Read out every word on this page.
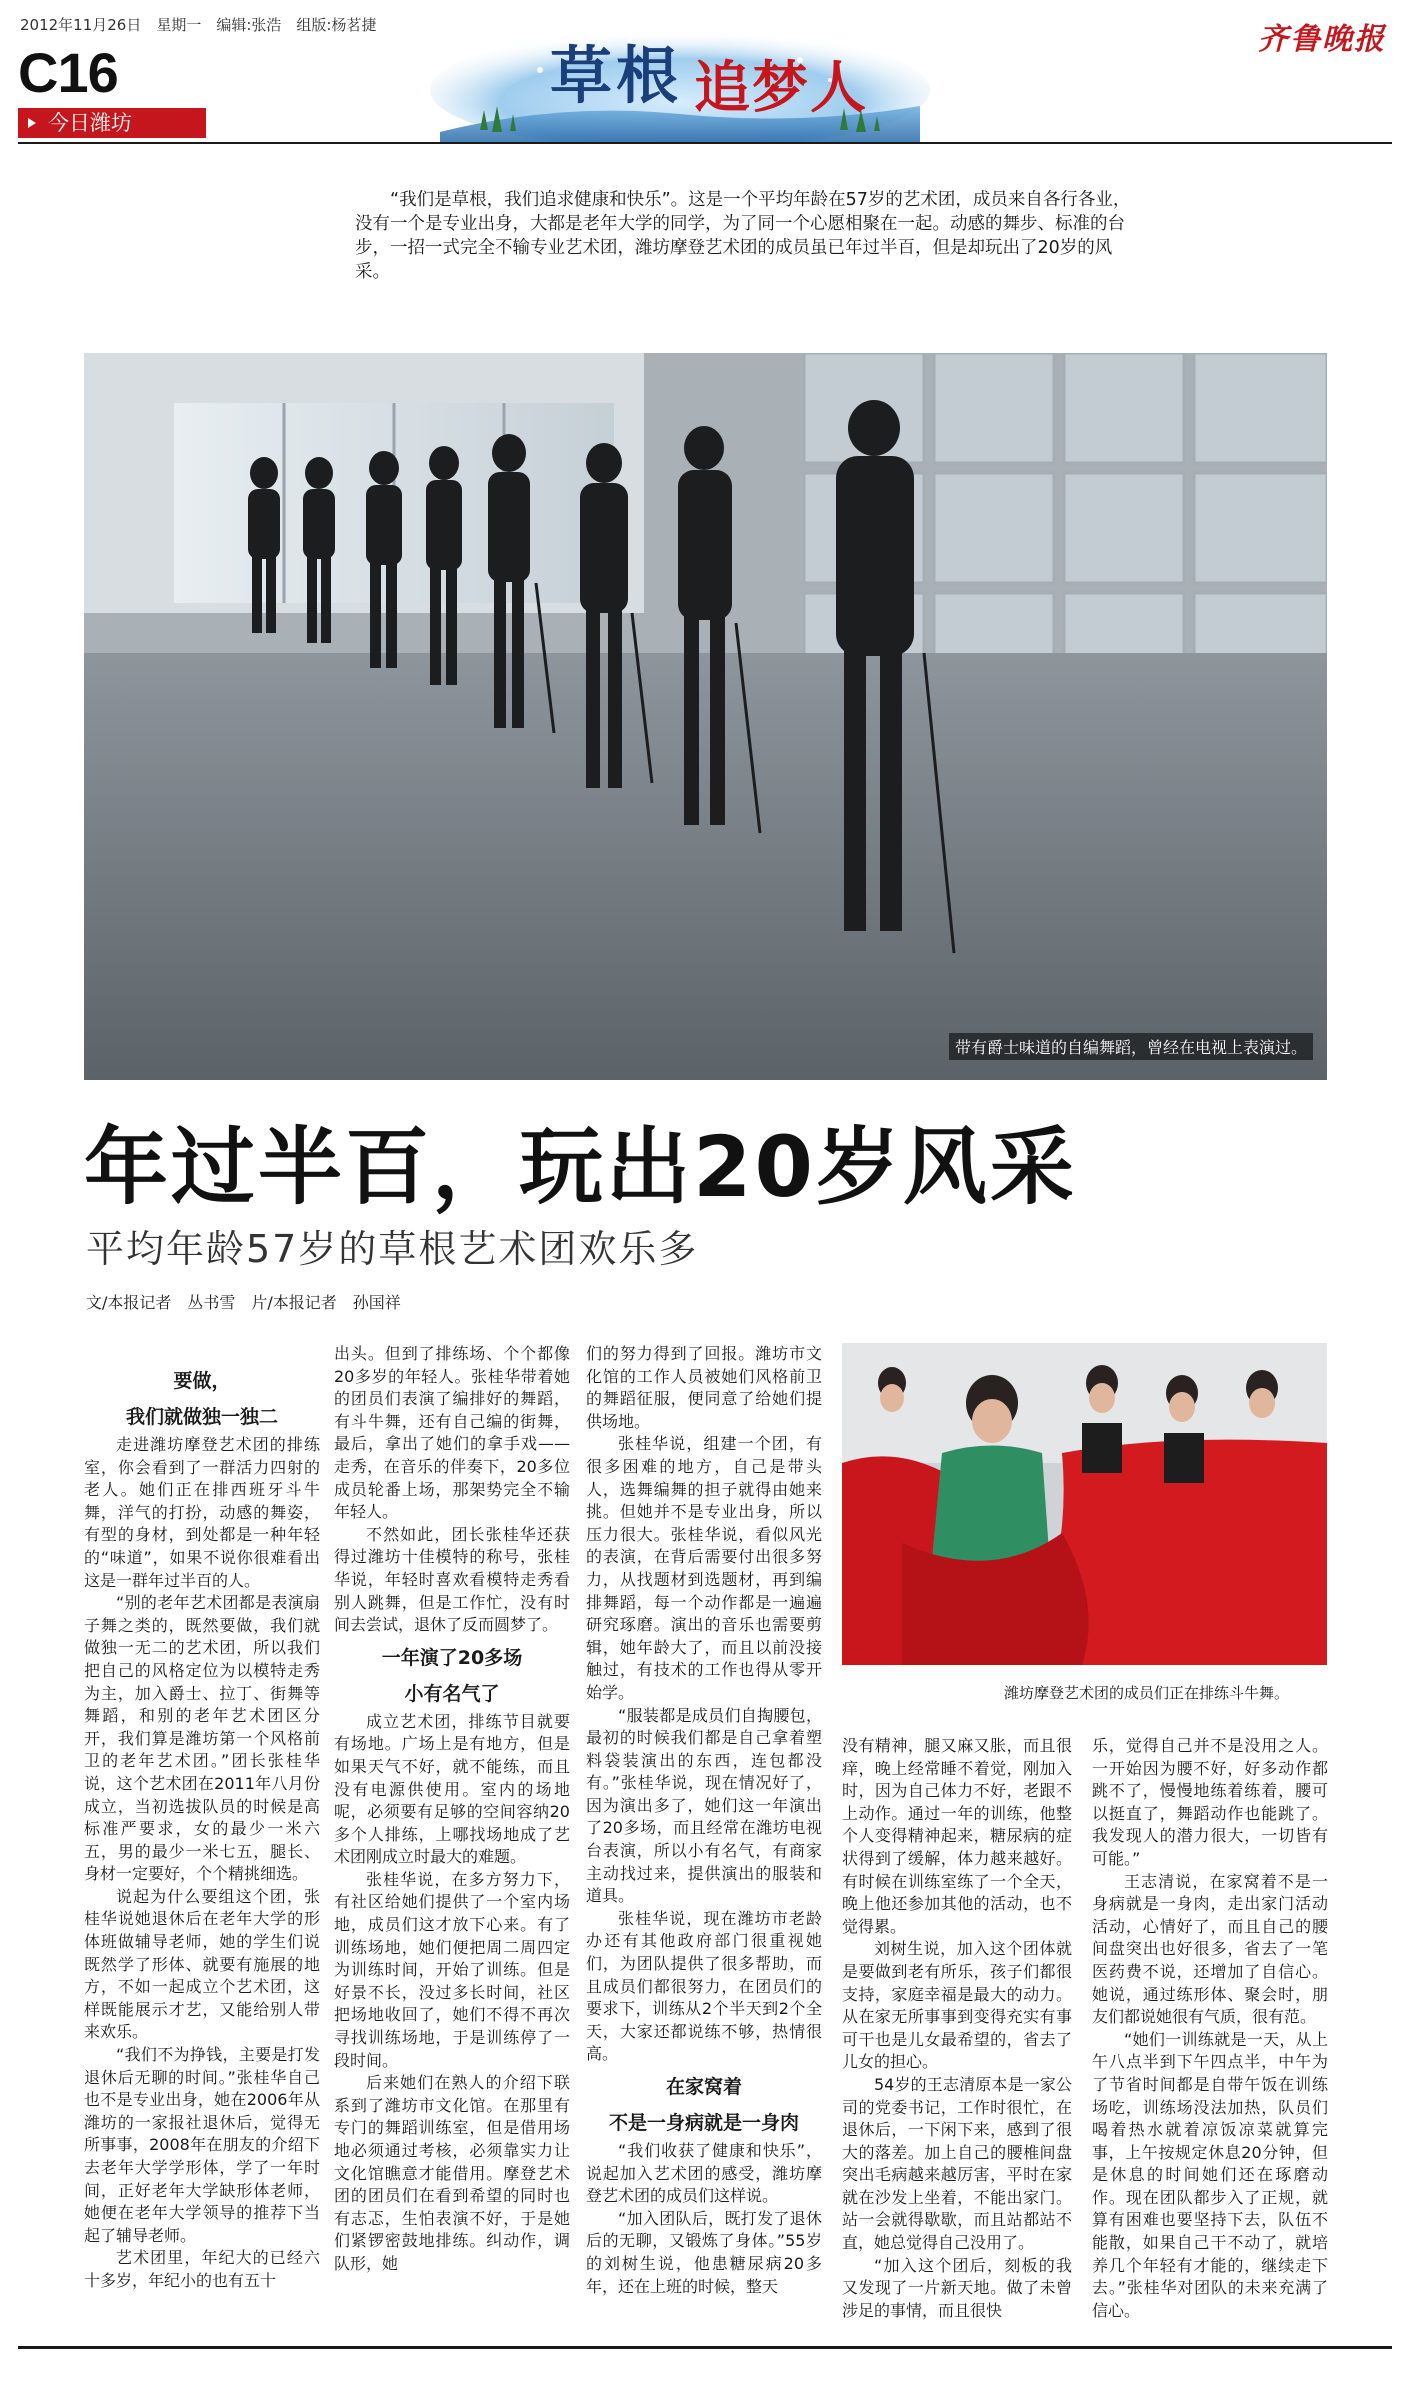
2012年11月26日　星期一　编辑:张浩　组版:杨茗捷
C16
今日潍坊
草根 追梦人
齐鲁晚报
“我们是草根，我们追求健康和快乐”。这是一个平均年龄在57岁的艺术团，成员来自各行各业，没有一个是专业出身，大都是老年大学的同学，为了同一个心愿相聚在一起。动感的舞步、标准的台步，一招一式完全不输专业艺术团，潍坊摩登艺术团的成员虽已年过半百，但是却玩出了20岁的风采。
带有爵士味道的自编舞蹈，曾经在电视上表演过。
年过半百，玩出20岁风采
平均年龄57岁的草根艺术团欢乐多
文/本报记者　丛书雪　片/本报记者　孙国祥

要做，

我们就做独一独二

走进潍坊摩登艺术团的排练室，你会看到了一群活力四射的老人。她们正在排西班牙斗牛舞，洋气的打扮，动感的舞姿，有型的身材，到处都是一种年轻的“味道”，如果不说你很难看出这是一群年过半百的人。

“别的老年艺术团都是表演扇子舞之类的，既然要做，我们就做独一无二的艺术团，所以我们把自己的风格定位为以模特走秀为主，加入爵士、拉丁、街舞等舞蹈，和别的老年艺术团区分开，我们算是潍坊第一个风格前卫的老年艺术团。”团长张桂华说，这个艺术团在2011年八月份成立，当初选拔队员的时候是高标准严要求，女的最少一米六五，男的最少一米七五，腿长、身材一定要好，个个精挑细选。

说起为什么要组这个团，张桂华说她退休后在老年大学的形体班做辅导老师，她的学生们说既然学了形体、就要有施展的地方，不如一起成立个艺术团，这样既能展示才艺，又能给别人带来欢乐。

“我们不为挣钱，主要是打发退休后无聊的时间。”张桂华自己也不是专业出身，她在2006年从潍坊的一家报社退休后，觉得无所事事，2008年在朋友的介绍下去老年大学学形体，学了一年时间，正好老年大学缺形体老师，她便在老年大学领导的推荐下当起了辅导老师。

艺术团里，年纪大的已经六十多岁，年纪小的也有五十

出头。但到了排练场、个个都像20多岁的年轻人。张桂华带着她的团员们表演了编排好的舞蹈，有斗牛舞，还有自己编的街舞，最后，拿出了她们的拿手戏——走秀，在音乐的伴奏下，20多位成员轮番上场，那架势完全不输年轻人。

不然如此，团长张桂华还获得过潍坊十佳模特的称号，张桂华说，年轻时喜欢看模特走秀看别人跳舞，但是工作忙，没有时间去尝试，退休了反而圆梦了。

一年演了20多场

小有名气了

成立艺术团，排练节目就要有场地。广场上是有地方，但是如果天气不好，就不能练，而且没有电源供使用。室内的场地呢，必须要有足够的空间容纳20多个人排练，上哪找场地成了艺术团刚成立时最大的难题。

张桂华说，在多方努力下，有社区给她们提供了一个室内场地，成员们这才放下心来。有了训练场地，她们便把周二周四定为训练时间，开始了训练。但是好景不长，没过多长时间，社区把场地收回了，她们不得不再次寻找训练场地，于是训练停了一段时间。

后来她们在熟人的介绍下联系到了潍坊市文化馆。在那里有专门的舞蹈训练室，但是借用场地必须通过考核，必须靠实力让文化馆瞧意才能借用。摩登艺术团的团员们在看到希望的同时也有志忑，生怕表演不好，于是她们紧锣密鼓地排练。纠动作，调队形，她

们的努力得到了回报。潍坊市文化馆的工作人员被她们风格前卫的舞蹈征服，便同意了给她们提供场地。

张桂华说，组建一个团，有很多困难的地方，自己是带头人，选舞编舞的担子就得由她来挑。但她并不是专业出身，所以压力很大。张桂华说，看似风光的表演，在背后需要付出很多努力，从找题材到选题材，再到编排舞蹈，每一个动作都是一遍遍研究琢磨。演出的音乐也需要剪辑，她年龄大了，而且以前没接触过，有技术的工作也得从零开始学。

“服装都是成员们自掏腰包，最初的时候我们都是自己拿着塑料袋装演出的东西，连包都没有。”张桂华说，现在情况好了，因为演出多了，她们这一年演出了20多场，而且经常在潍坊电视台表演，所以小有名气，有商家主动找过来，提供演出的服装和道具。

张桂华说，现在潍坊市老龄办还有其他政府部门很重视她们，为团队提供了很多帮助，而且成员们都很努力，在团员们的要求下，训练从2个半天到2个全天，大家还都说练不够，热情很高。

在家窝着

不是一身病就是一身肉

“我们收获了健康和快乐”，说起加入艺术团的感受，潍坊摩登艺术团的成员们这样说。

“加入团队后，既打发了退休后的无聊，又锻炼了身体。”55岁的刘树生说，他患糖尿病20多年，还在上班的时候，整天

潍坊摩登艺术团的成员们正在排练斗牛舞。

没有精神，腿又麻又胀，而且很痒，晚上经常睡不着觉，刚加入时，因为自己体力不好，老跟不上动作。通过一年的训练，他整个人变得精神起来，糖尿病的症状得到了缓解，体力越来越好。有时候在训练室练了一个全天，晚上他还参加其他的活动，也不觉得累。

刘树生说，加入这个团体就是要做到老有所乐，孩子们都很支持，家庭幸福是最大的动力。从在家无所事事到变得充实有事可干也是儿女最希望的，省去了儿女的担心。

54岁的王志清原本是一家公司的党委书记，工作时很忙，在退休后，一下闲下来，感到了很大的落差。加上自己的腰椎间盘突出毛病越来越厉害，平时在家就在沙发上坐着，不能出家门。站一会就得歇歇，而且站都站不直，她总觉得自己没用了。

“加入这个团后，刻板的我又发现了一片新天地。做了未曾涉足的事情，而且很快

乐，觉得自己并不是没用之人。一开始因为腰不好，好多动作都跳不了，慢慢地练着练着，腰可以挺直了，舞蹈动作也能跳了。我发现人的潜力很大，一切皆有可能。”

王志清说，在家窝着不是一身病就是一身肉，走出家门活动活动，心情好了，而且自己的腰间盘突出也好很多，省去了一笔医药费不说，还增加了自信心。她说，通过练形体、聚会时，朋友们都说她很有气质，很有范。

“她们一训练就是一天，从上午八点半到下午四点半，中午为了节省时间都是自带午饭在训练场吃，训练场没法加热，队员们喝着热水就着凉饭凉菜就算完事，上午按规定休息20分钟，但是休息的时间她们还在琢磨动作。现在团队都步入了正规，就算有困难也要坚持下去，队伍不能散，如果自己干不动了，就培养几个年轻有才能的，继续走下去。”张桂华对团队的未来充满了信心。
